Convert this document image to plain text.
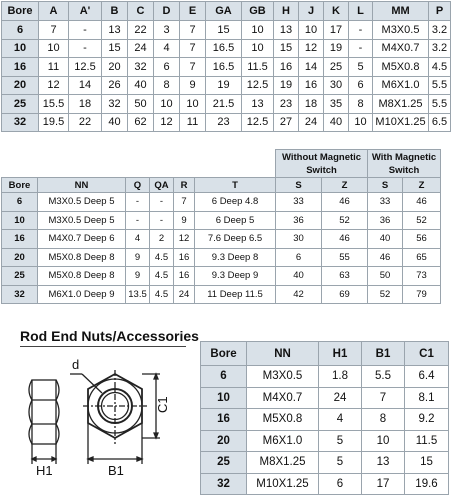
Bore	A	A'	B	C	D	E	GA	GB	H	J	K	L	MM	P
6	7	-	13	22	3	7	15	10	13	10	17	-	M3X0.5	3.2
10	10	-	15	24	4	7	16.5	10	15	12	19	-	M4X0.7	3.2
16	11	12.5	20	32	6	7	16.5	11.5	16	14	25	5	M5X0.8	4.5
20	12	14	26	40	8	9	19	12.5	19	16	30	6	M6X1.0	5.5
25	15.5	18	32	50	10	10	21.5	13	23	18	35	8	M8X1.25	5.5
32	19.5	22	40	62	12	11	23	12.5	27	24	40	10	M10X1.25	6.5
						Without Magnetic Switch		With Magnetic Switch	
Bore	NN	Q	QA	R	T	S	Z	S	Z
6	M3X0.5 Deep 5	-	-	7	6 Deep 4.8	33	46	33	46
10	M3X0.5 Deep 5	-	-	9	6 Deep 5	36	52	36	52
16	M4X0.7 Deep 6	4	2	12	7.6 Deep 6.5	30	46	40	56
20	M5X0.8 Deep 8	9	4.5	16	9.3 Deep 8	6	55	46	65
25	M5X0.8 Deep 8	9	4.5	16	9.3 Deep 9	40	63	50	73
32	M6X1.0 Deep 9	13.5	4.5	24	11 Deep 11.5	42	69	52	79
Rod End Nuts/Accessories
d
C1
H1	B1
Bore	NN	H1	B1	C1
6	M3X0.5	1.8	5.5	6.4
10	M4X0.7	24	7	8.1
16	M5X0.8	4	8	9.2
20	M6X1.0	5	10	11.5
25	M8X1.25	5	13	15
32	M10X1.25	6	17	19.6
